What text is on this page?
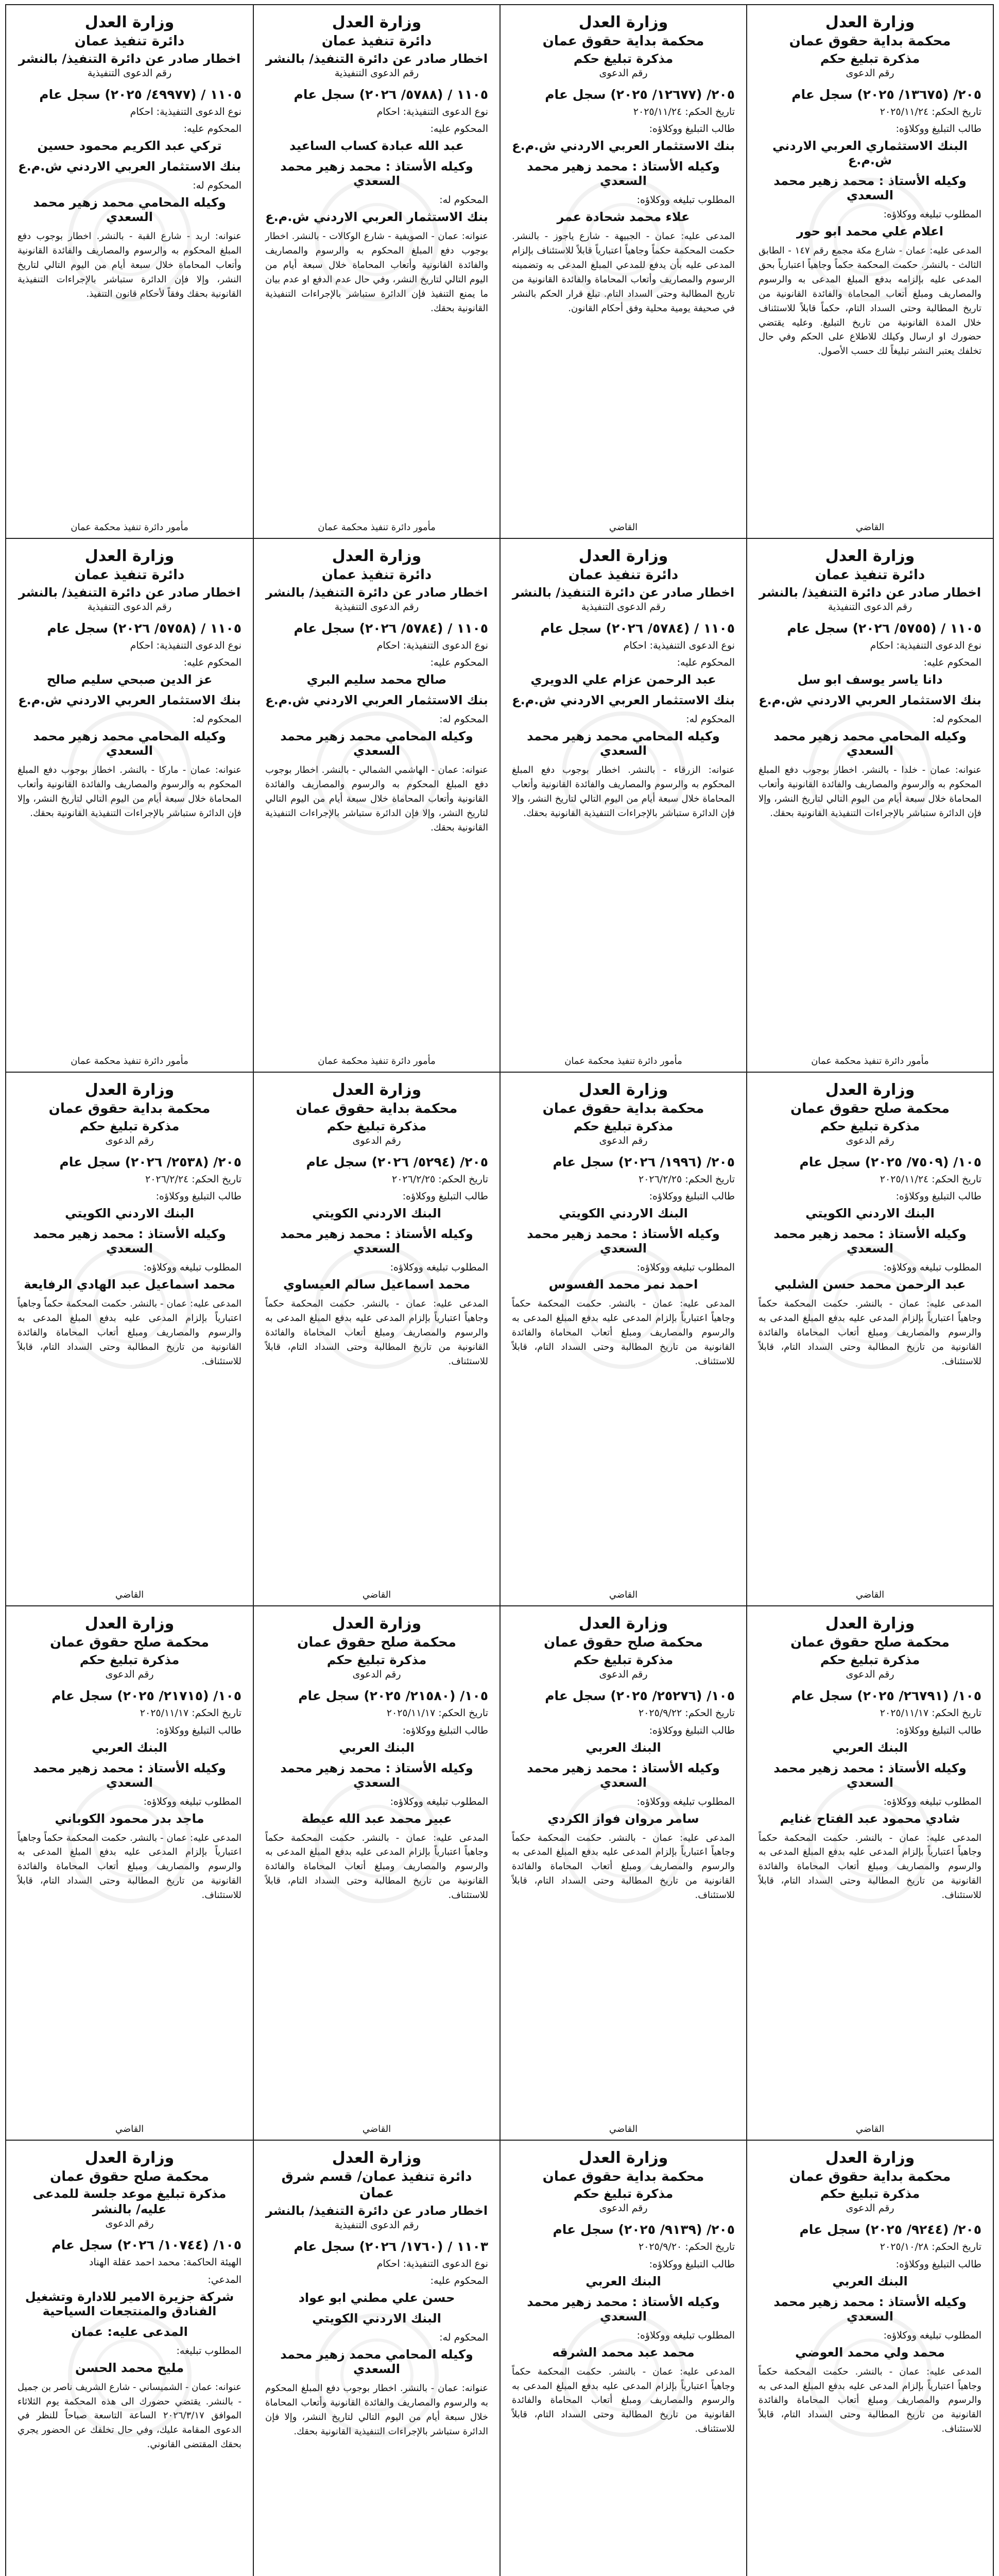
وزارة العدل
محكمة بداية حقوق عمان
مذكرة تبليغ حكم
رقم الدعوى
٢٠٥/ (١٣٦٧٥/ ٢٠٢٥) سجل عام
تاريخ الحكم: ٢٠٢٥/١١/٢٤
طالب التبليغ ووكلاؤه:
البنك الاستثماري العربي الاردني ش.م.ع
وكيله الأستاذ : محمد زهير محمد السعدي
المطلوب تبليغه ووكلاؤه:
اعلام علي محمد ابو حور
المدعى عليه: عمان - شارع مكة مجمع رقم ١٤٧ - الطابق الثالث - بالنشر. حكمت المحكمة حكماً وجاهياً اعتبارياً بحق المدعى عليه بإلزامه بدفع المبلغ المدعى به والرسوم والمصاريف ومبلغ أتعاب المحاماة والفائدة القانونية من تاريخ المطالبة وحتى السداد التام، حكماً قابلاً للاستئناف خلال المدة القانونية من تاريخ التبليغ. وعليه يقتضي حضورك او ارسال وكيلك للاطلاع على الحكم وفي حال تخلفك يعتبر النشر تبليغاً لك حسب الأصول.
القاضي
وزارة العدل
محكمة بداية حقوق عمان
مذكرة تبليغ حكم
رقم الدعوى
٢٠٥/ (١٢٦٧٧/ ٢٠٢٥) سجل عام
تاريخ الحكم: ٢٠٢٥/١١/٢٤
طالب التبليغ ووكلاؤه:
بنك الاستثمار العربي الاردني ش.م.ع
وكيله الأستاذ : محمد زهير محمد السعدي
المطلوب تبليغه ووكلاؤه:
علاء محمد شحادة عمر
المدعى عليه: عمان - الجبيهة - شارع ياجوز - بالنشر. حكمت المحكمة حكماً وجاهياً اعتبارياً قابلاً للاستئناف بإلزام المدعى عليه بأن يدفع للمدعي المبلغ المدعى به وتضمينه الرسوم والمصاريف وأتعاب المحاماة والفائدة القانونية من تاريخ المطالبة وحتى السداد التام. تبلغ قرار الحكم بالنشر في صحيفة يومية محلية وفق أحكام القانون.
القاضي
وزارة العدل
دائرة تنفيذ عمان
اخطار صادر عن دائرة التنفيذ/ بالنشر
رقم الدعوى التنفيذية
١١٠٥ / (٥٧٨٨/ ٢٠٢٦) سجل عام
نوع الدعوى التنفيذية: احكام
المحكوم عليه:
عبد الله عبادة كساب الساعيد
وكيله الأستاذ : محمد زهير محمد السعدي
المحكوم له:
بنك الاستثمار العربي الاردني ش.م.ع
عنوانه: عمان - الصويفية - شارع الوكالات - بالنشر. اخطار بوجوب دفع المبلغ المحكوم به والرسوم والمصاريف والفائدة القانونية وأتعاب المحاماة خلال سبعة أيام من اليوم التالي لتاريخ النشر، وفي حال عدم الدفع او عدم بيان ما يمنع التنفيذ فإن الدائرة ستباشر بالإجراءات التنفيذية القانونية بحقك.
مأمور دائرة تنفيذ محكمة عمان
وزارة العدل
دائرة تنفيذ عمان
اخطار صادر عن دائرة التنفيذ/ بالنشر
رقم الدعوى التنفيذية
١١٠٥ / (٤٩٩٧٧/ ٢٠٢٥) سجل عام
نوع الدعوى التنفيذية: احكام
المحكوم عليه:
تركي عبد الكريم محمود حسين
بنك الاستثمار العربي الاردني ش.م.ع
المحكوم له:
وكيله المحامي محمد زهير محمد السعدي
عنوانه: اربد - شارع القبة - بالنشر. اخطار بوجوب دفع المبلغ المحكوم به والرسوم والمصاريف والفائدة القانونية وأتعاب المحاماة خلال سبعة أيام من اليوم التالي لتاريخ النشر، وإلا فإن الدائرة ستباشر بالإجراءات التنفيذية القانونية بحقك وفقاً لأحكام قانون التنفيذ.
مأمور دائرة تنفيذ محكمة عمان
وزارة العدل
دائرة تنفيذ عمان
اخطار صادر عن دائرة التنفيذ/ بالنشر
رقم الدعوى التنفيذية
١١٠٥ / (٥٧٥٥/ ٢٠٢٦) سجل عام
نوع الدعوى التنفيذية: احكام
المحكوم عليه:
دانا ياسر يوسف ابو سل
بنك الاستثمار العربي الاردني ش.م.ع
المحكوم له:
وكيله المحامي محمد زهير محمد السعدي
عنوانه: عمان - خلدا - بالنشر. اخطار بوجوب دفع المبلغ المحكوم به والرسوم والمصاريف والفائدة القانونية وأتعاب المحاماة خلال سبعة أيام من اليوم التالي لتاريخ النشر، وإلا فإن الدائرة ستباشر بالإجراءات التنفيذية القانونية بحقك.
مأمور دائرة تنفيذ محكمة عمان
وزارة العدل
دائرة تنفيذ عمان
اخطار صادر عن دائرة التنفيذ/ بالنشر
رقم الدعوى التنفيذية
١١٠٥ / (٥٧٨٤/ ٢٠٢٦) سجل عام
نوع الدعوى التنفيذية: احكام
المحكوم عليه:
عبد الرحمن عزام علي الدويري
بنك الاستثمار العربي الاردني ش.م.ع
المحكوم له:
وكيله المحامي محمد زهير محمد السعدي
عنوانه: الزرقاء - بالنشر. اخطار بوجوب دفع المبلغ المحكوم به والرسوم والمصاريف والفائدة القانونية وأتعاب المحاماة خلال سبعة أيام من اليوم التالي لتاريخ النشر، وإلا فإن الدائرة ستباشر بالإجراءات التنفيذية القانونية بحقك.
مأمور دائرة تنفيذ محكمة عمان
وزارة العدل
دائرة تنفيذ عمان
اخطار صادر عن دائرة التنفيذ/ بالنشر
رقم الدعوى التنفيذية
١١٠٥ / (٥٧٨٤/ ٢٠٢٦) سجل عام
نوع الدعوى التنفيذية: احكام
المحكوم عليه:
صالح محمد سليم البري
بنك الاستثمار العربي الاردني ش.م.ع
المحكوم له:
وكيله المحامي محمد زهير محمد السعدي
عنوانه: عمان - الهاشمي الشمالي - بالنشر. اخطار بوجوب دفع المبلغ المحكوم به والرسوم والمصاريف والفائدة القانونية وأتعاب المحاماة خلال سبعة أيام من اليوم التالي لتاريخ النشر، وإلا فإن الدائرة ستباشر بالإجراءات التنفيذية القانونية بحقك.
مأمور دائرة تنفيذ محكمة عمان
وزارة العدل
دائرة تنفيذ عمان
اخطار صادر عن دائرة التنفيذ/ بالنشر
رقم الدعوى التنفيذية
١١٠٥ / (٥٧٥٨/ ٢٠٢٦) سجل عام
نوع الدعوى التنفيذية: احكام
المحكوم عليه:
عز الدين صبحي سليم صالح
بنك الاستثمار العربي الاردني ش.م.ع
المحكوم له:
وكيله المحامي محمد زهير محمد السعدي
عنوانه: عمان - ماركا - بالنشر. اخطار بوجوب دفع المبلغ المحكوم به والرسوم والمصاريف والفائدة القانونية وأتعاب المحاماة خلال سبعة أيام من اليوم التالي لتاريخ النشر، وإلا فإن الدائرة ستباشر بالإجراءات التنفيذية القانونية بحقك.
مأمور دائرة تنفيذ محكمة عمان
وزارة العدل
محكمة صلح حقوق عمان
مذكرة تبليغ حكم
رقم الدعوى
١٠٥/ (٧٥٠٩/ ٢٠٢٥) سجل عام
تاريخ الحكم: ٢٠٢٥/١١/٢٤
طالب التبليغ ووكلاؤه:
البنك الاردني الكويتي
وكيله الأستاذ : محمد زهير محمد السعدي
المطلوب تبليغه ووكلاؤه:
عبد الرحمن محمد حسن الشلبي
المدعى عليه: عمان - بالنشر. حكمت المحكمة حكماً وجاهياً اعتبارياً بإلزام المدعى عليه بدفع المبلغ المدعى به والرسوم والمصاريف ومبلغ أتعاب المحاماة والفائدة القانونية من تاريخ المطالبة وحتى السداد التام، قابلاً للاستئناف.
القاضي
وزارة العدل
محكمة بداية حقوق عمان
مذكرة تبليغ حكم
رقم الدعوى
٢٠٥/ (١٩٩٦/ ٢٠٢٦) سجل عام
تاريخ الحكم: ٢٠٢٦/٢/٢٥
طالب التبليغ ووكلاؤه:
البنك الاردني الكويتي
وكيله الأستاذ : محمد زهير محمد السعدي
المطلوب تبليغه ووكلاؤه:
احمد نمر محمد الفسوس
المدعى عليه: عمان - بالنشر. حكمت المحكمة حكماً وجاهياً اعتبارياً بإلزام المدعى عليه بدفع المبلغ المدعى به والرسوم والمصاريف ومبلغ أتعاب المحاماة والفائدة القانونية من تاريخ المطالبة وحتى السداد التام، قابلاً للاستئناف.
القاضي
وزارة العدل
محكمة بداية حقوق عمان
مذكرة تبليغ حكم
رقم الدعوى
٢٠٥/ (٥٢٩٤/ ٢٠٢٦) سجل عام
تاريخ الحكم: ٢٠٢٦/٢/٢٥
طالب التبليغ ووكلاؤه:
البنك الاردني الكويتي
وكيله الأستاذ : محمد زهير محمد السعدي
المطلوب تبليغه ووكلاؤه:
محمد اسماعيل سالم العيساوي
المدعى عليه: عمان - بالنشر. حكمت المحكمة حكماً وجاهياً اعتبارياً بإلزام المدعى عليه بدفع المبلغ المدعى به والرسوم والمصاريف ومبلغ أتعاب المحاماة والفائدة القانونية من تاريخ المطالبة وحتى السداد التام، قابلاً للاستئناف.
القاضي
وزارة العدل
محكمة بداية حقوق عمان
مذكرة تبليغ حكم
رقم الدعوى
٢٠٥/ (٢٥٣٨/ ٢٠٢٦) سجل عام
تاريخ الحكم: ٢٠٢٦/٢/٢٤
طالب التبليغ ووكلاؤه:
البنك الاردني الكويتي
وكيله الأستاذ : محمد زهير محمد السعدي
المطلوب تبليغه ووكلاؤه:
محمد اسماعيل عبد الهادي الرفايعة
المدعى عليه: عمان - بالنشر. حكمت المحكمة حكماً وجاهياً اعتبارياً بإلزام المدعى عليه بدفع المبلغ المدعى به والرسوم والمصاريف ومبلغ أتعاب المحاماة والفائدة القانونية من تاريخ المطالبة وحتى السداد التام، قابلاً للاستئناف.
القاضي
وزارة العدل
محكمة صلح حقوق عمان
مذكرة تبليغ حكم
رقم الدعوى
١٠٥/ (٢٦٧٩١/ ٢٠٢٥) سجل عام
تاريخ الحكم: ٢٠٢٥/١١/١٧
طالب التبليغ ووكلاؤه:
البنك العربي
وكيله الأستاذ : محمد زهير محمد السعدي
المطلوب تبليغه ووكلاؤه:
شادي محمود عبد الفتاح غنايم
المدعى عليه: عمان - بالنشر. حكمت المحكمة حكماً وجاهياً اعتبارياً بإلزام المدعى عليه بدفع المبلغ المدعى به والرسوم والمصاريف ومبلغ أتعاب المحاماة والفائدة القانونية من تاريخ المطالبة وحتى السداد التام، قابلاً للاستئناف.
القاضي
وزارة العدل
محكمة صلح حقوق عمان
مذكرة تبليغ حكم
رقم الدعوى
١٠٥/ (٢٥٢٧٦/ ٢٠٢٥) سجل عام
تاريخ الحكم: ٢٠٢٥/٩/٢٢
طالب التبليغ ووكلاؤه:
البنك العربي
وكيله الأستاذ : محمد زهير محمد السعدي
المطلوب تبليغه ووكلاؤه:
سامر مروان فواز الكردي
المدعى عليه: عمان - بالنشر. حكمت المحكمة حكماً وجاهياً اعتبارياً بإلزام المدعى عليه بدفع المبلغ المدعى به والرسوم والمصاريف ومبلغ أتعاب المحاماة والفائدة القانونية من تاريخ المطالبة وحتى السداد التام، قابلاً للاستئناف.
القاضي
وزارة العدل
محكمة صلح حقوق عمان
مذكرة تبليغ حكم
رقم الدعوى
١٠٥/ (٢١٥٨٠/ ٢٠٢٥) سجل عام
تاريخ الحكم: ٢٠٢٥/١١/١٧
طالب التبليغ ووكلاؤه:
البنك العربي
وكيله الأستاذ : محمد زهير محمد السعدي
المطلوب تبليغه ووكلاؤه:
عبير محمد عبد الله عيطة
المدعى عليه: عمان - بالنشر. حكمت المحكمة حكماً وجاهياً اعتبارياً بإلزام المدعى عليه بدفع المبلغ المدعى به والرسوم والمصاريف ومبلغ أتعاب المحاماة والفائدة القانونية من تاريخ المطالبة وحتى السداد التام، قابلاً للاستئناف.
القاضي
وزارة العدل
محكمة صلح حقوق عمان
مذكرة تبليغ حكم
رقم الدعوى
١٠٥/ (٢١٧١٥/ ٢٠٢٥) سجل عام
تاريخ الحكم: ٢٠٢٥/١١/١٧
طالب التبليغ ووكلاؤه:
البنك العربي
وكيله الأستاذ : محمد زهير محمد السعدي
المطلوب تبليغه ووكلاؤه:
ماجد بدر محمود الكوباني
المدعى عليه: عمان - بالنشر. حكمت المحكمة حكماً وجاهياً اعتبارياً بإلزام المدعى عليه بدفع المبلغ المدعى به والرسوم والمصاريف ومبلغ أتعاب المحاماة والفائدة القانونية من تاريخ المطالبة وحتى السداد التام، قابلاً للاستئناف.
القاضي
وزارة العدل
محكمة بداية حقوق عمان
مذكرة تبليغ حكم
رقم الدعوى
٢٠٥/ (٩٢٤٤/ ٢٠٢٥) سجل عام
تاريخ الحكم: ٢٠٢٥/١٠/٢٨
طالب التبليغ ووكلاؤه:
البنك العربي
وكيله الأستاذ : محمد زهير محمد السعدي
المطلوب تبليغه ووكلاؤه:
محمد ولي محمد العوضي
المدعى عليه: عمان - بالنشر. حكمت المحكمة حكماً وجاهياً اعتبارياً بإلزام المدعى عليه بدفع المبلغ المدعى به والرسوم والمصاريف ومبلغ أتعاب المحاماة والفائدة القانونية من تاريخ المطالبة وحتى السداد التام، قابلاً للاستئناف.
وزارة العدل
محكمة بداية حقوق عمان
مذكرة تبليغ حكم
رقم الدعوى
٢٠٥/ (٩١٣٩/ ٢٠٢٥) سجل عام
تاريخ الحكم: ٢٠٢٥/٩/٢٠
طالب التبليغ ووكلاؤه:
البنك العربي
وكيله الأستاذ : محمد زهير محمد السعدي
المطلوب تبليغه ووكلاؤه:
محمد عبد محمد الشرقه
المدعى عليه: عمان - بالنشر. حكمت المحكمة حكماً وجاهياً اعتبارياً بإلزام المدعى عليه بدفع المبلغ المدعى به والرسوم والمصاريف ومبلغ أتعاب المحاماة والفائدة القانونية من تاريخ المطالبة وحتى السداد التام، قابلاً للاستئناف.
وزارة العدل
دائرة تنفيذ عمان/ قسم شرق عمان
اخطار صادر عن دائرة التنفيذ/ بالنشر
رقم الدعوى التنفيذية
١١٠٣ / (١٧٦٠/ ٢٠٢٦) سجل عام
نوع الدعوى التنفيذية: احكام
المحكوم عليه:
حسن علي مطني ابو عواد
البنك الاردني الكويتي
المحكوم له:
وكيله المحامي محمد زهير محمد السعدي
عنوانه: عمان - بالنشر. اخطار بوجوب دفع المبلغ المحكوم به والرسوم والمصاريف والفائدة القانونية وأتعاب المحاماة خلال سبعة أيام من اليوم التالي لتاريخ النشر، وإلا فإن الدائرة ستباشر بالإجراءات التنفيذية القانونية بحقك.
وزارة العدل
محكمة صلح حقوق عمان
مذكرة تبليغ موعد جلسة للمدعى عليه/ بالنشر
رقم الدعوى
١٠٥/ (١٠٧٤٤/ ٢٠٢٦) سجل عام
الهيئة الحاكمة: محمد احمد عقلة الهناد
المدعي:
شركة جزيرة الامير للادارة وتشغيل الفنادق والمنتجعات السياحية
المدعى عليه: عمان
المطلوب تبليغه:
مليح محمد الحسن
عنوانه: عمان - الشميساني - شارع الشريف ناصر بن جميل - بالنشر. يقتضي حضورك الى هذه المحكمة يوم الثلاثاء الموافق ٢٠٢٦/٣/١٧ الساعة التاسعة صباحاً للنظر في الدعوى المقامة عليك، وفي حال تخلفك عن الحضور يجري بحقك المقتضى القانوني.
